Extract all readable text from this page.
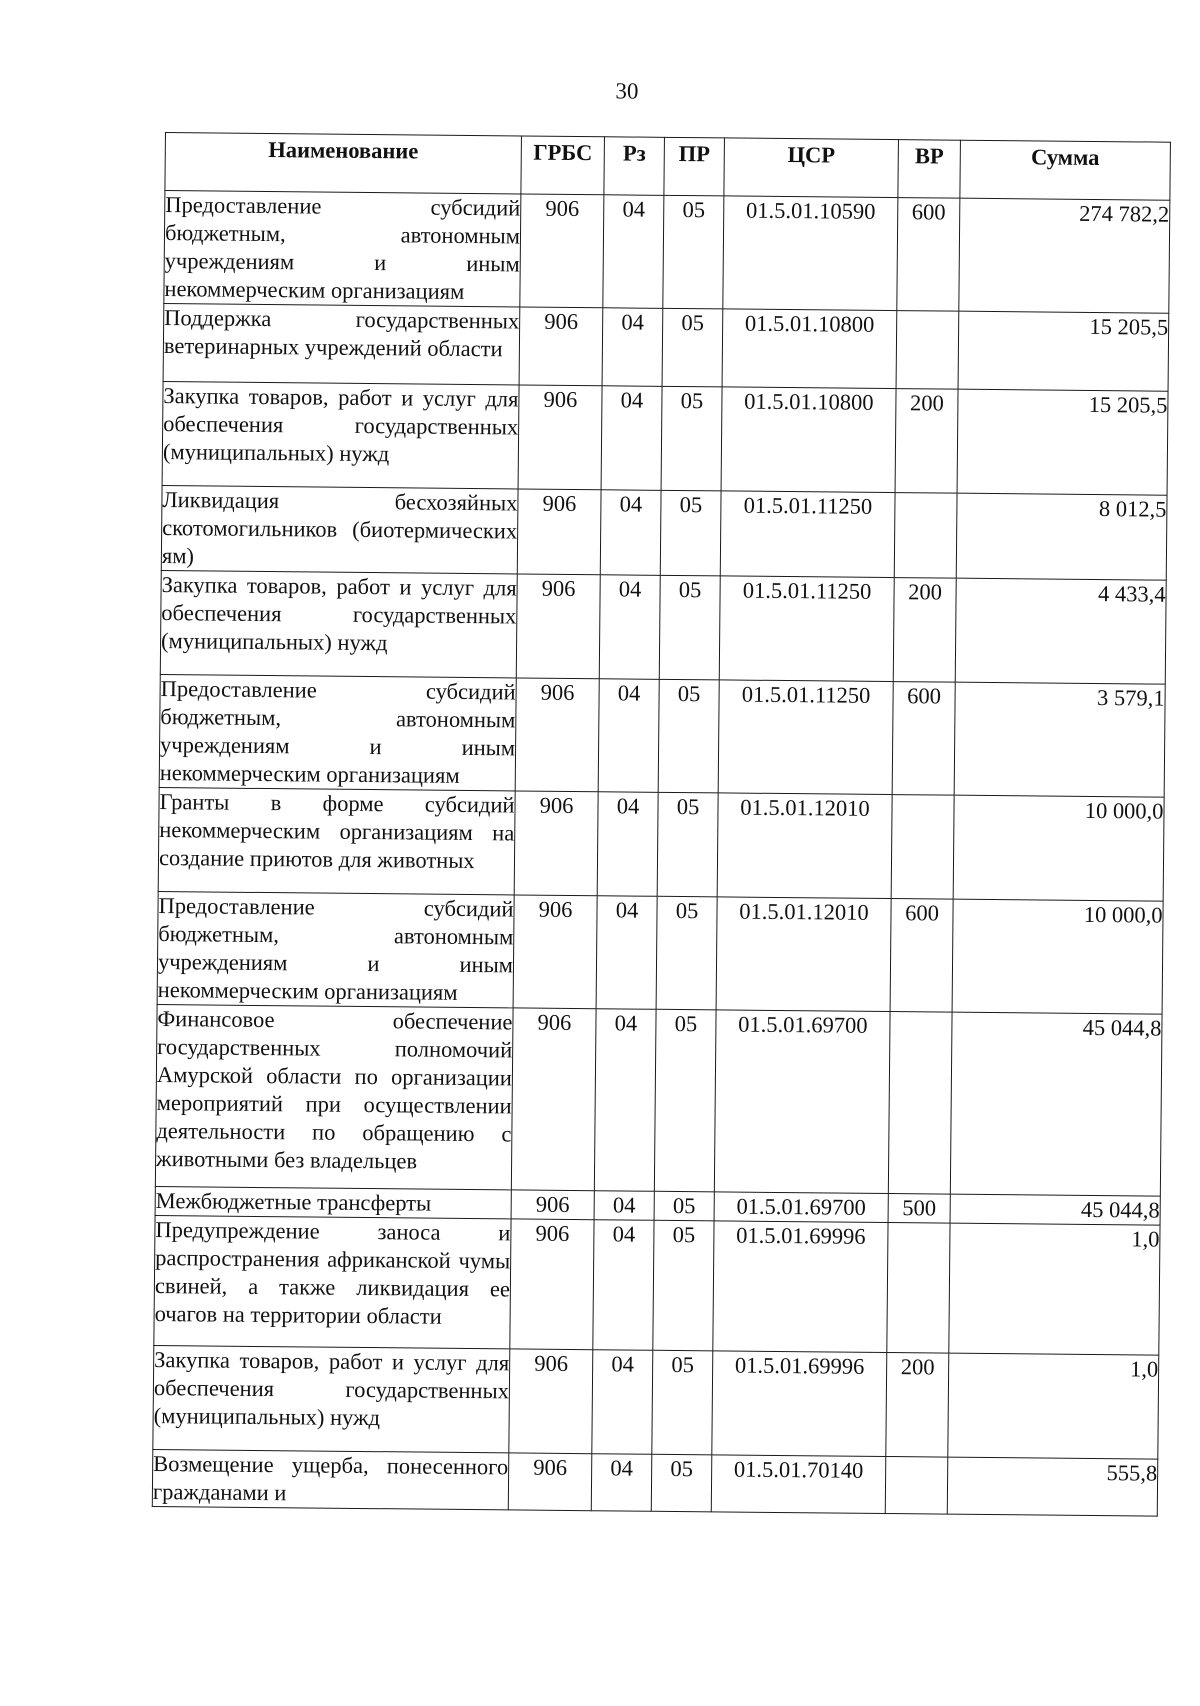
30
Наименование	ГРБС	Рз	ПР	ЦСР	ВР	Сумма
Предоставление субсидий бюджетным, автономным учреждениям и иным некоммерческим организациям	906	04	05	01.5.01.10590	600	274 782,2
Поддержка государственных ветеринарных учреждений области	906	04	05	01.5.01.10800		15 205,5
Закупка товаров, работ и услуг для обеспечения государственных (муниципальных) нужд	906	04	05	01.5.01.10800	200	15 205,5
Ликвидация бесхозяйных скотомогильников (биотермических ям)	906	04	05	01.5.01.11250		8 012,5
Закупка товаров, работ и услуг для обеспечения государственных (муниципальных) нужд	906	04	05	01.5.01.11250	200	4 433,4
Предоставление субсидий бюджетным, автономным учреждениям и иным некоммерческим организациям	906	04	05	01.5.01.11250	600	3 579,1
Гранты в форме субсидий некоммерческим организациям на создание приютов для животных	906	04	05	01.5.01.12010		10 000,0
Предоставление субсидий бюджетным, автономным учреждениям и иным некоммерческим организациям	906	04	05	01.5.01.12010	600	10 000,0
Финансовое обеспечение государственных полномочий Амурской области по организации мероприятий при осуществлении деятельности по обращению с животными без владельцев	906	04	05	01.5.01.69700		45 044,8
Межбюджетные трансферты	906	04	05	01.5.01.69700	500	45 044,8
Предупреждение заноса и распространения африканской чумы свиней, а также ликвидация ее очагов на территории области	906	04	05	01.5.01.69996		1,0
Закупка товаров, работ и услуг для обеспечения государственных (муниципальных) нужд	906	04	05	01.5.01.69996	200	1,0
Возмещение ущерба, понесенного гражданами и	906	04	05	01.5.01.70140		555,8
